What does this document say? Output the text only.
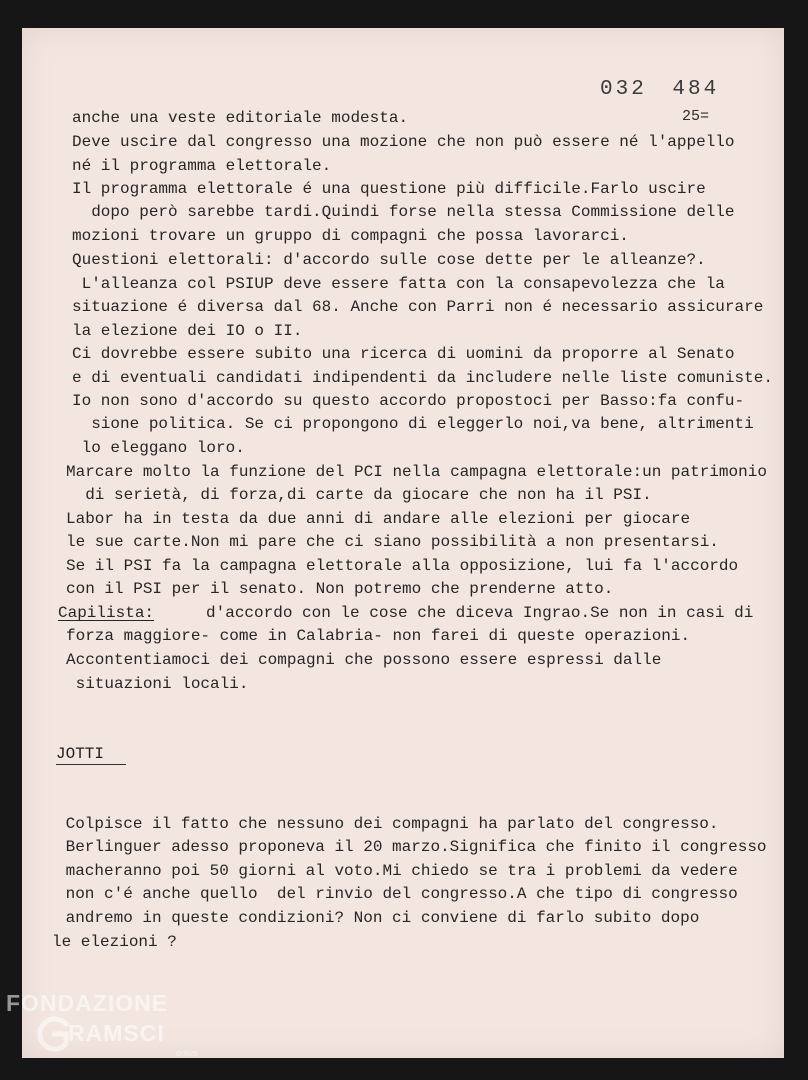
032 484
25=
anche una veste editoriale modesta.
Deve uscire dal congresso una mozione che non può essere né l'appello
né il programma elettorale.
Il programma elettorale é una questione più difficile.Farlo uscire
dopo però sarebbe tardi.Quindi forse nella stessa Commissione delle
mozioni trovare un gruppo di compagni che possa lavorarci.
Questioni elettorali: d'accordo sulle cose dette per le alleanze?.
L'alleanza col PSIUP deve essere fatta con la consapevolezza che la
situazione é diversa dal 68. Anche con Parri non é necessario assicurare
la elezione dei IO o II.
Ci dovrebbe essere subito una ricerca di uomini da proporre al Senato
e di eventuali candidati indipendenti da includere nelle liste comuniste.
Io non sono d'accordo su questo accordo propostoci per Basso:fa confu-
sione politica. Se ci propongono di eleggerlo noi,va bene, altrimenti
lo eleggano loro.
Marcare molto la funzione del PCI nella campagna elettorale:un patrimonio
di serietà, di forza,di carte da giocare che non ha il PSI.
Labor ha in testa da due anni di andare alle elezioni per giocare
le sue carte.Non mi pare che ci siano possibilità a non presentarsi.
Se il PSI fa la campagna elettorale alla opposizione, lui fa l'accordo
con il PSI per il senato. Non potremo che prenderne atto.
Capilista: d'accordo con le cose che diceva Ingrao.Se non in casi di
forza maggiore- come in Calabria- non farei di queste operazioni.
Accontentiamoci dei compagni che possono essere espressi dalle
situazioni locali.
JOTTI
Colpisce il fatto che nessuno dei compagni ha parlato del congresso.
Berlinguer adesso proponeva il 20 marzo.Significa che finito il congresso
macheranno poi 50 giorni al voto.Mi chiedo se tra i problemi da vedere
non c'é anche quello  del rinvio del congresso.A che tipo di congresso
andremo in queste condizioni? Non ci conviene di farlo subito dopo
le elezioni ?
FONDAZIONE
RAMSCI
onlus
